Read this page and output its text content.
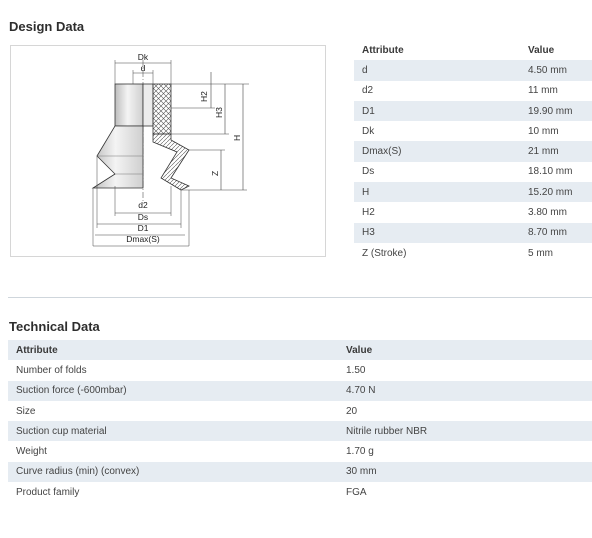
Design Data
Dk
d
H2
H3
H
Z
d2
Ds
D1
Dmax(S)
Attribute	Value
d	4.50 mm
d2	11 mm
D1	19.90 mm
Dk	10 mm
Dmax(S)	21 mm
Ds	18.10 mm
H	15.20 mm
H2	3.80 mm
H3	8.70 mm
Z (Stroke)	5 mm
Technical Data
Attribute	Value
Number of folds	1.50
Suction force (-600mbar)	4.70 N
Size	20
Suction cup material	Nitrile rubber NBR
Weight	1.70 g
Curve radius (min) (convex)	30 mm
Product family	FGA
